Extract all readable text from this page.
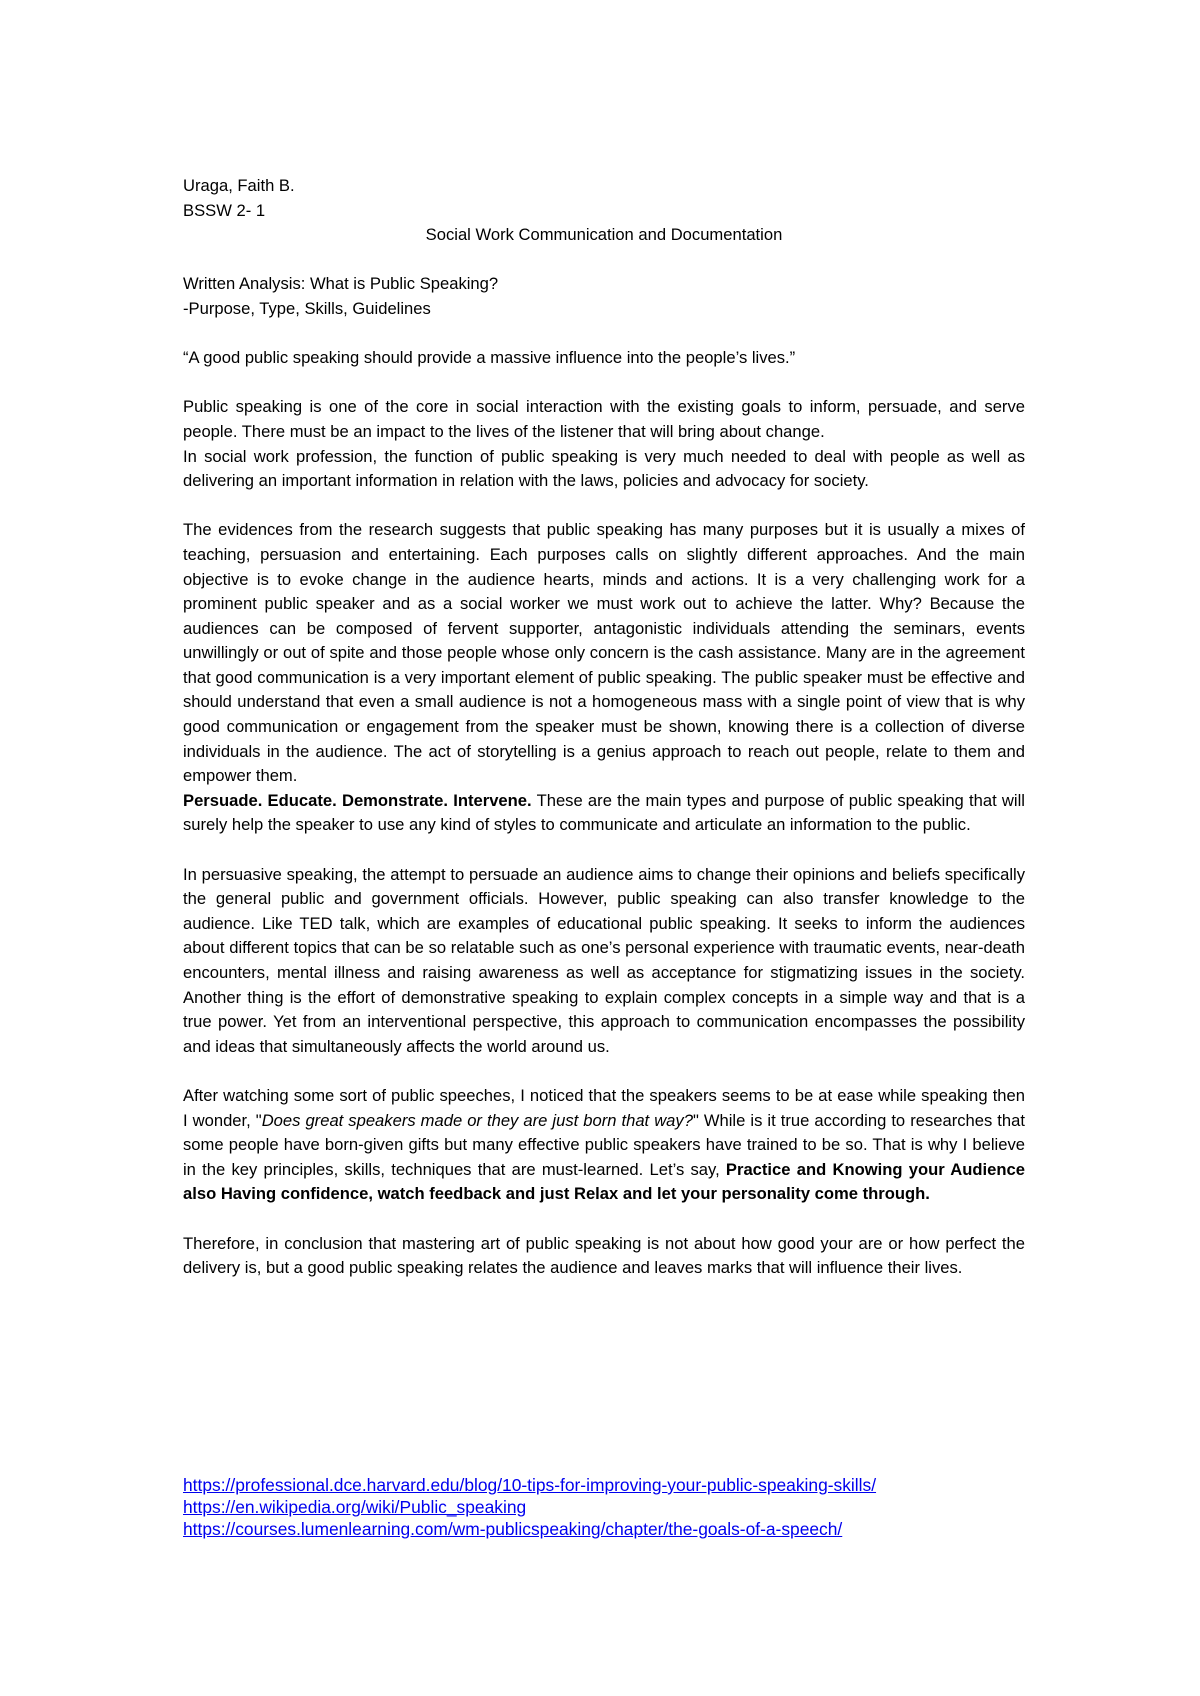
Uraga, Faith B.
BSSW 2- 1
Social Work Communication and Documentation
Written Analysis: What is Public Speaking?
-Purpose, Type, Skills, Guidelines
“A good public speaking should provide a massive influence into the people’s lives.”

Public speaking is one of the core in social interaction with the existing goals to inform, persuade, and serve people. There must be an impact to the lives of the listener that will bring about change.

In social work profession, the function of public speaking is very much needed to deal with people as well as delivering an important information in relation with the laws, policies and advocacy for society.

The evidences from the research suggests that public speaking has many purposes but it is usually a mixes of teaching, persuasion and entertaining. Each purposes calls on slightly different approaches. And the main objective is to evoke change in the audience hearts, minds and actions. It is a very challenging work for a prominent public speaker and as a social worker we must work out to achieve the latter. Why? Because the audiences can be composed of fervent supporter, antagonistic individuals attending the seminars, events unwillingly or out of spite and those people whose only concern is the cash assistance. Many are in the agreement that good communication is a very important element of public speaking. The public speaker must be effective and should understand that even a small audience is not a homogeneous mass with a single point of view that is why good communication or engagement from the speaker must be shown, knowing there is a collection of diverse individuals in the audience. The act of storytelling is a genius approach to reach out people, relate to them and empower them.

Persuade. Educate. Demonstrate. Intervene. These are the main types and purpose of public speaking that will surely help the speaker to use any kind of styles to communicate and articulate an information to the public.

In persuasive speaking, the attempt to persuade an audience aims to change their opinions and beliefs specifically the general public and government officials. However, public speaking can also transfer knowledge to the audience. Like TED talk, which are examples of educational public speaking. It seeks to inform the audiences about different topics that can be so relatable such as one’s personal experience with traumatic events, near-death encounters, mental illness and raising awareness as well as acceptance for stigmatizing issues in the society. Another thing is the effort of demonstrative speaking to explain complex concepts in a simple way and that is a true power. Yet from an interventional perspective, this approach to communication encompasses the possibility and ideas that simultaneously affects the world around us.

After watching some sort of public speeches, I noticed that the speakers seems to be at ease while speaking then I wonder, "Does great speakers made or they are just born that way?" While is it true according to researches that some people have born-given gifts but many effective public speakers have trained to be so. That is why I believe in the key principles, skills, techniques that are must-learned. Let’s say, Practice and Knowing your Audience also Having confidence, watch feedback and just Relax and let your personality come through.

Therefore, in conclusion that mastering art of public speaking is not about how good your are or how perfect the delivery is, but a good public speaking relates the audience and leaves marks that will influence their lives.

https://professional.dce.harvard.edu/blog/10-tips-for-improving-your-public-speaking-skills/
https://en.wikipedia.org/wiki/Public_speaking
https://courses.lumenlearning.com/wm-publicspeaking/chapter/the-goals-of-a-speech/
